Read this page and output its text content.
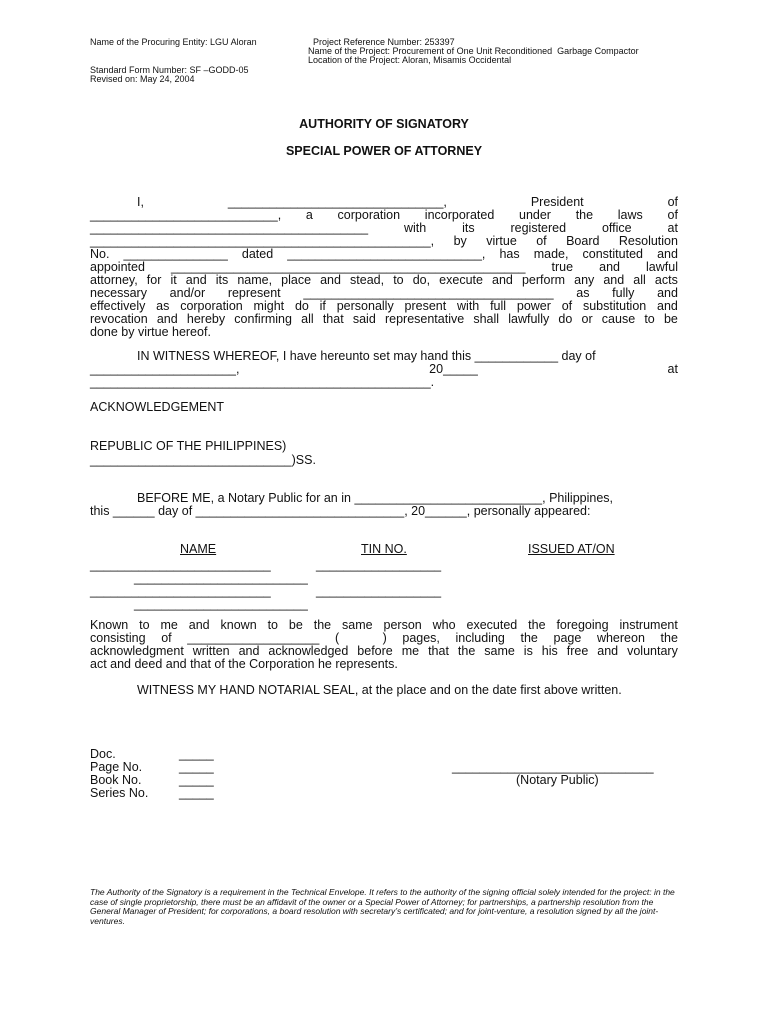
Name of the Procuring Entity: LGU Aloran	Project Reference Number: 253397
Name of the Project: Procurement of One Unit Reconditioned  Garbage Compactor
Location of the Project: Aloran, Misamis Occidental
Standard Form Number: SF –GODD-05
Revised on: May 24, 2004
AUTHORITY OF SIGNATORY
SPECIAL POWER OF ATTORNEY
I,	_______________________________,	President	of
___________________________, a corporation incorporated under the laws of
________________________________________	with	its	registered	office	at
_________________________________________________, by virtue of Board Resolution
No. _______________ dated ____________________________, has made, constituted and
appointed ___________________________________________________ true and lawful
attorney, for it and its name, place and stead, to do, execute and perform any and all acts
necessary and/or represent ____________________________________ as fully and
effectively as corporation might do if personally present with full power of substitution and
revocation and hereby confirming all that said representative shall lawfully do or cause to be
done by virtue hereof.
IN WITNESS WHEREOF, I have hereunto set may hand this ____________ day of
_____________________,	20_____	at
_________________________________________________.
ACKNOWLEDGEMENT
REPUBLIC OF THE PHILIPPINES)
_____________________________)SS.
BEFORE ME, a Notary Public for an in ___________________________, Philippines,
this ______ day of ______________________________, 20______, personally appeared:
NAME	TIN NO.	ISSUED AT/ON
__________________________	__________________
_________________________
__________________________	__________________
_________________________
Known to me and known to be the same person who executed the foregoing instrument
consisting of ___________________ ( ) pages, including the page whereon the
acknowledgment written and acknowledged before me that the same is his free and voluntary
act and deed and that of the Corporation he represents.
WITNESS MY HAND NOTARIAL SEAL, at the place and on the date first above written.
Doc.	_____
Page No.	_____
Book No.	_____
Series No. _____
_____________________________
(Notary Public)
The Authority of the Signatory is a requirement in the Technical Envelope. It refers to the authority of the signing official solely intended for the project: in the case of single proprietorship, there must be an affidavit of the owner or a Special Power of Attorney; for partnerships, a partnership resolution from the General Manager of President; for corporations, a board resolution with secretary’s certificated; and for joint-venture, a resolution signed by all the joint-ventures.
